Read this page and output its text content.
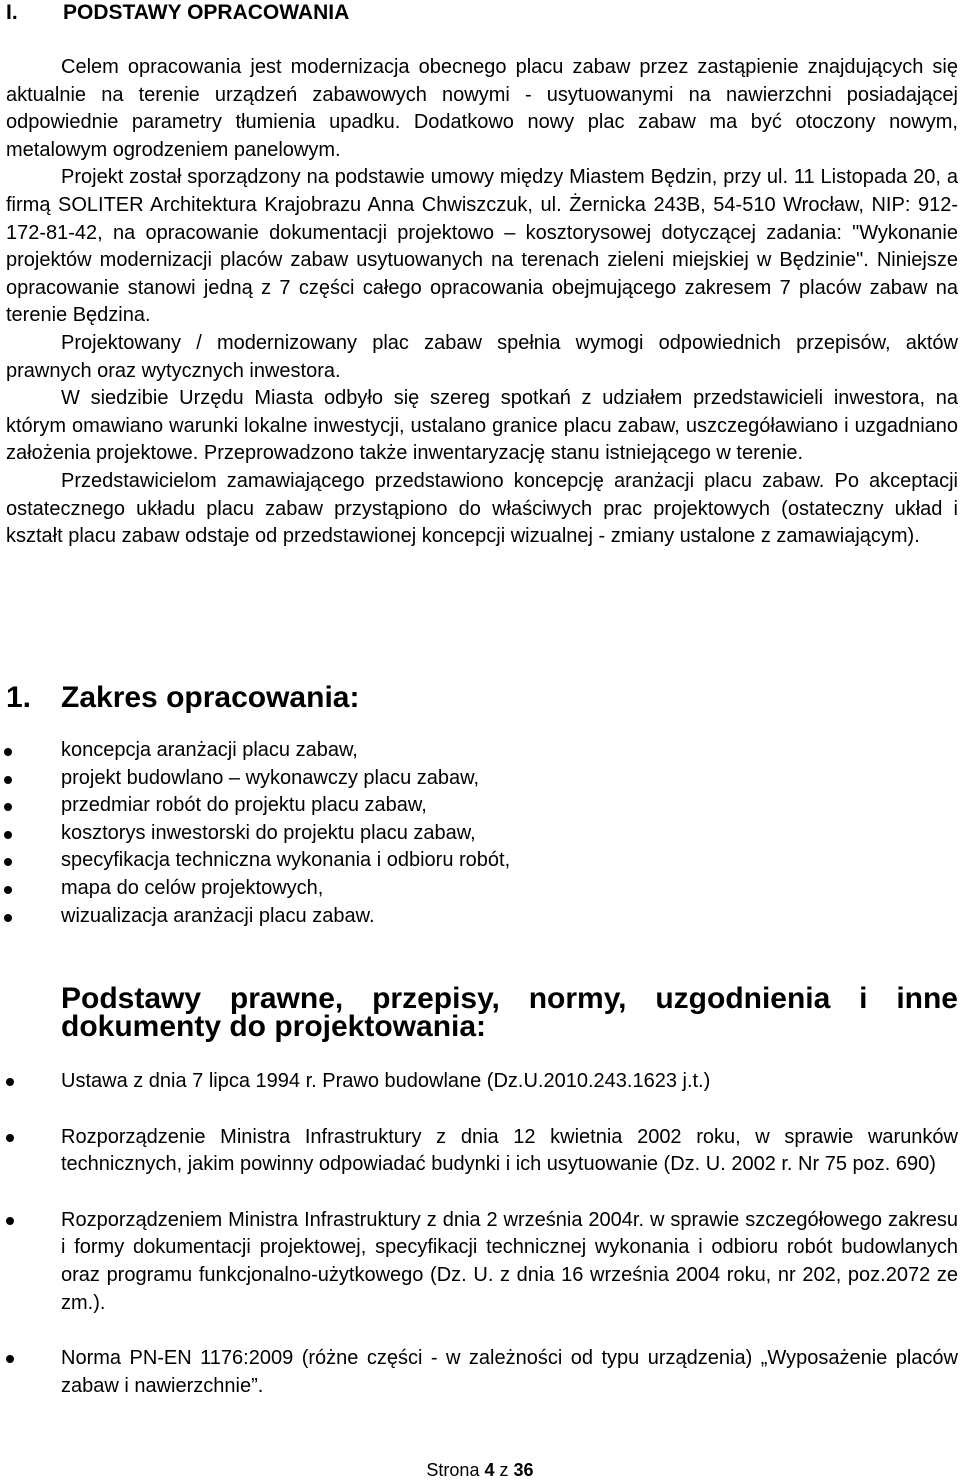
I. PODSTAWY OPRACOWANIA

Celem opracowania jest modernizacja obecnego placu zabaw przez zastąpienie znajdujących się aktualnie na terenie urządzeń zabawowych nowymi - usytuowanymi na nawierzchni posiadającej odpowiednie parametry tłumienia upadku. Dodatkowo nowy plac zabaw ma być otoczony nowym, metalowym ogrodzeniem panelowym.

Projekt został sporządzony na podstawie umowy między Miastem Będzin, przy ul. 11 Listopada 20, a firmą SOLITER Architektura Krajobrazu Anna Chwiszczuk, ul. Żernicka 243B, 54-510 Wrocław, NIP: 912-172-81-42, na opracowanie dokumentacji projektowo – kosztorysowej dotyczącej zadania: "Wykonanie projektów modernizacji placów zabaw usytuowanych na terenach zieleni miejskiej w Będzinie". Niniejsze opracowanie stanowi jedną z 7 części całego opracowania obejmującego zakresem 7 placów zabaw na terenie Będzina.

Projektowany / modernizowany plac zabaw spełnia wymogi odpowiednich przepisów, aktów prawnych oraz wytycznych inwestora.

W siedzibie Urzędu Miasta odbyło się szereg spotkań z udziałem przedstawicieli inwestora, na którym omawiano warunki lokalne inwestycji, ustalano granice placu zabaw, uszczegóławiano i uzgadniano założenia projektowe. Przeprowadzono także inwentaryzację stanu istniejącego w terenie.

Przedstawicielom zamawiającego przedstawiono koncepcję aranżacji placu zabaw. Po akceptacji ostatecznego układu placu zabaw przystąpiono do właściwych prac projektowych (ostateczny układ i kształt placu zabaw odstaje od przedstawionej koncepcji wizualnej - zmiany ustalone z zamawiającym).

1. Zakres opracowania:
koncepcja aranżacji placu zabaw,
projekt budowlano – wykonawczy placu zabaw,
przedmiar robót do projektu placu zabaw,
kosztorys inwestorski do projektu placu zabaw,
specyfikacja techniczna wykonania i odbioru robót,
mapa do celów projektowych,
wizualizacja aranżacji placu zabaw.
Podstawy prawne, przepisy, normy, uzgodnienia i inne dokumenty do projektowania:
Ustawa z dnia 7 lipca 1994 r. Prawo budowlane (Dz.U.2010.243.1623 j.t.)
Rozporządzenie Ministra Infrastruktury z dnia 12 kwietnia 2002 roku, w sprawie warunków technicznych, jakim powinny odpowiadać budynki i ich usytuowanie (Dz. U. 2002 r. Nr 75 poz. 690)
Rozporządzeniem Ministra Infrastruktury z dnia 2 września 2004r. w sprawie szczegółowego zakresu i formy dokumentacji projektowej, specyfikacji technicznej wykonania i odbioru robót budowlanych oraz programu funkcjonalno-użytkowego (Dz. U. z dnia 16 września 2004 roku, nr 202, poz.2072 ze zm.).
Norma PN-EN 1176:2009 (różne części - w zależności od typu urządzenia) „Wyposażenie placów zabaw i nawierzchnie”.
Strona 4 z 36
